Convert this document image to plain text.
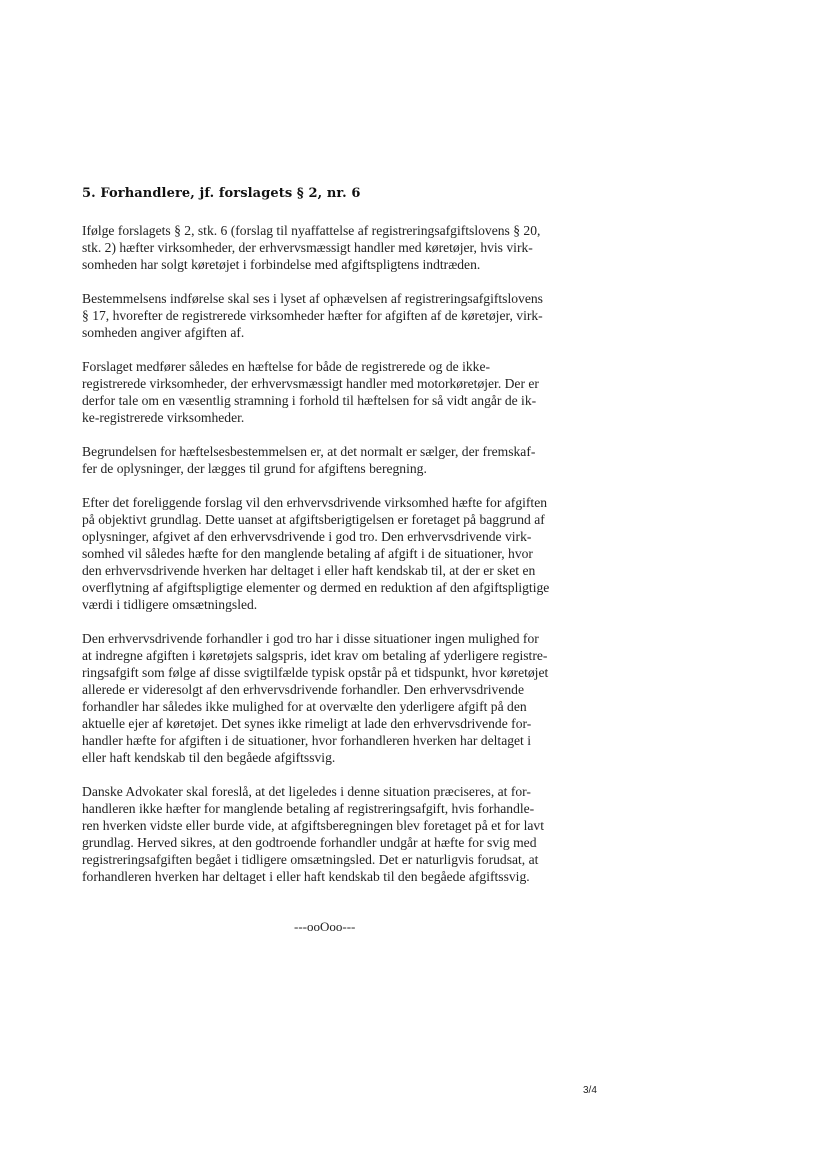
5. Forhandlere, jf. forslagets § 2, nr. 6

Ifølge forslagets § 2, stk. 6 (forslag til nyaffattelse af registreringsafgiftslovens § 20,
stk. 2) hæfter virksomheder, der erhvervsmæssigt handler med køretøjer, hvis virk-
somheden har solgt køretøjet i forbindelse med afgiftspligtens indtræden.

Bestemmelsens indførelse skal ses i lyset af ophævelsen af registreringsafgiftslovens
§ 17, hvorefter de registrerede virksomheder hæfter for afgiften af de køretøjer, virk-
somheden angiver afgiften af.

Forslaget medfører således en hæftelse for både de registrerede og de ikke-
registrerede virksomheder, der erhvervsmæssigt handler med motorkøretøjer. Der er
derfor tale om en væsentlig stramning i forhold til hæftelsen for så vidt angår de ik-
ke-registrerede virksomheder.

Begrundelsen for hæftelsesbestemmelsen er, at det normalt er sælger, der fremskaf-
fer de oplysninger, der lægges til grund for afgiftens beregning.

Efter det foreliggende forslag vil den erhvervsdrivende virksomhed hæfte for afgiften
på objektivt grundlag. Dette uanset at afgiftsberigtigelsen er foretaget på baggrund af
oplysninger, afgivet af den erhvervsdrivende i god tro. Den erhvervsdrivende virk-
somhed vil således hæfte for den manglende betaling af afgift i de situationer, hvor
den erhvervsdrivende hverken har deltaget i eller haft kendskab til, at der er sket en
overflytning af afgiftspligtige elementer og dermed en reduktion af den afgiftspligtige
værdi i tidligere omsætningsled.

Den erhvervsdrivende forhandler i god tro har i disse situationer ingen mulighed for
at indregne afgiften i køretøjets salgspris, idet krav om betaling af yderligere registre-
ringsafgift som følge af disse svigtilfælde typisk opstår på et tidspunkt, hvor køretøjet
allerede er videresolgt af den erhvervsdrivende forhandler. Den erhvervsdrivende
forhandler har således ikke mulighed for at overvælte den yderligere afgift på den
aktuelle ejer af køretøjet. Det synes ikke rimeligt at lade den erhvervsdrivende for-
handler hæfte for afgiften i de situationer, hvor forhandleren hverken har deltaget i
eller haft kendskab til den begåede afgiftssvig.

Danske Advokater skal foreslå, at det ligeledes i denne situation præciseres, at for-
handleren ikke hæfter for manglende betaling af registreringsafgift, hvis forhandle-
ren hverken vidste eller burde vide, at afgiftsberegningen blev foretaget på et for lavt
grundlag. Herved sikres, at den godtroende forhandler undgår at hæfte for svig med
registreringsafgiften begået i tidligere omsætningsled. Det er naturligvis forudsat, at
forhandleren hverken har deltaget i eller haft kendskab til den begåede afgiftssvig.

---ooOoo---
3/4
